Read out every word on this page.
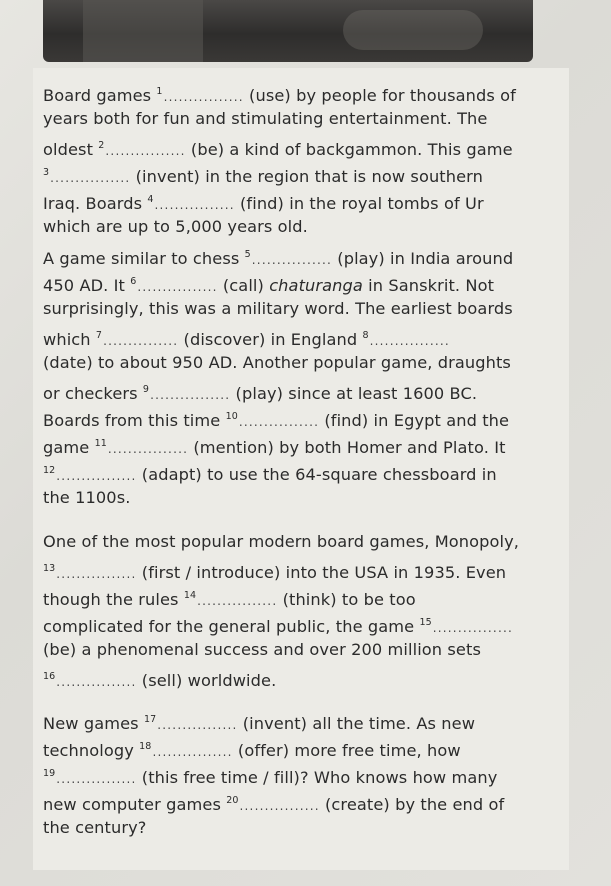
Board games $^1$................ (use) by people for thousands of
years both for fun and stimulating entertainment. The
oldest $^2$................ (be) a kind of backgammon. This game
$^3$................ (invent) in the region that is now southern
Iraq. Boards $^4$................ (find) in the royal tombs of Ur
which are up to 5,000 years old.
A game similar to chess $^5$................ (play) in India around
450 AD. It $^6$................ (call) chaturanga in Sanskrit. Not
surprisingly, this was a military word. The earliest boards
which $^7$............... (discover) in England $^8$................
(date) to about 950 AD. Another popular game, draughts
or checkers $^9$................ (play) since at least 1600 BC.
Boards from this time $^{10}$................ (find) in Egypt and the
game $^{11}$................ (mention) by both Homer and Plato. It
$^{12}$................ (adapt) to use the 64-square chessboard in
the 1100s.
One of the most popular modern board games, Monopoly,
$^{13}$................ (first / introduce) into the USA in 1935. Even
though the rules $^{14}$................ (think) to be too
complicated for the general public, the game $^{15}$................
(be) a phenomenal success and over 200 million sets
$^{16}$................ (sell) worldwide.
New games $^{17}$................ (invent) all the time. As new
technology $^{18}$................ (offer) more free time, how
$^{19}$................ (this free time / fill)? Who knows how many
new computer games $^{20}$................ (create) by the end of
the century?
